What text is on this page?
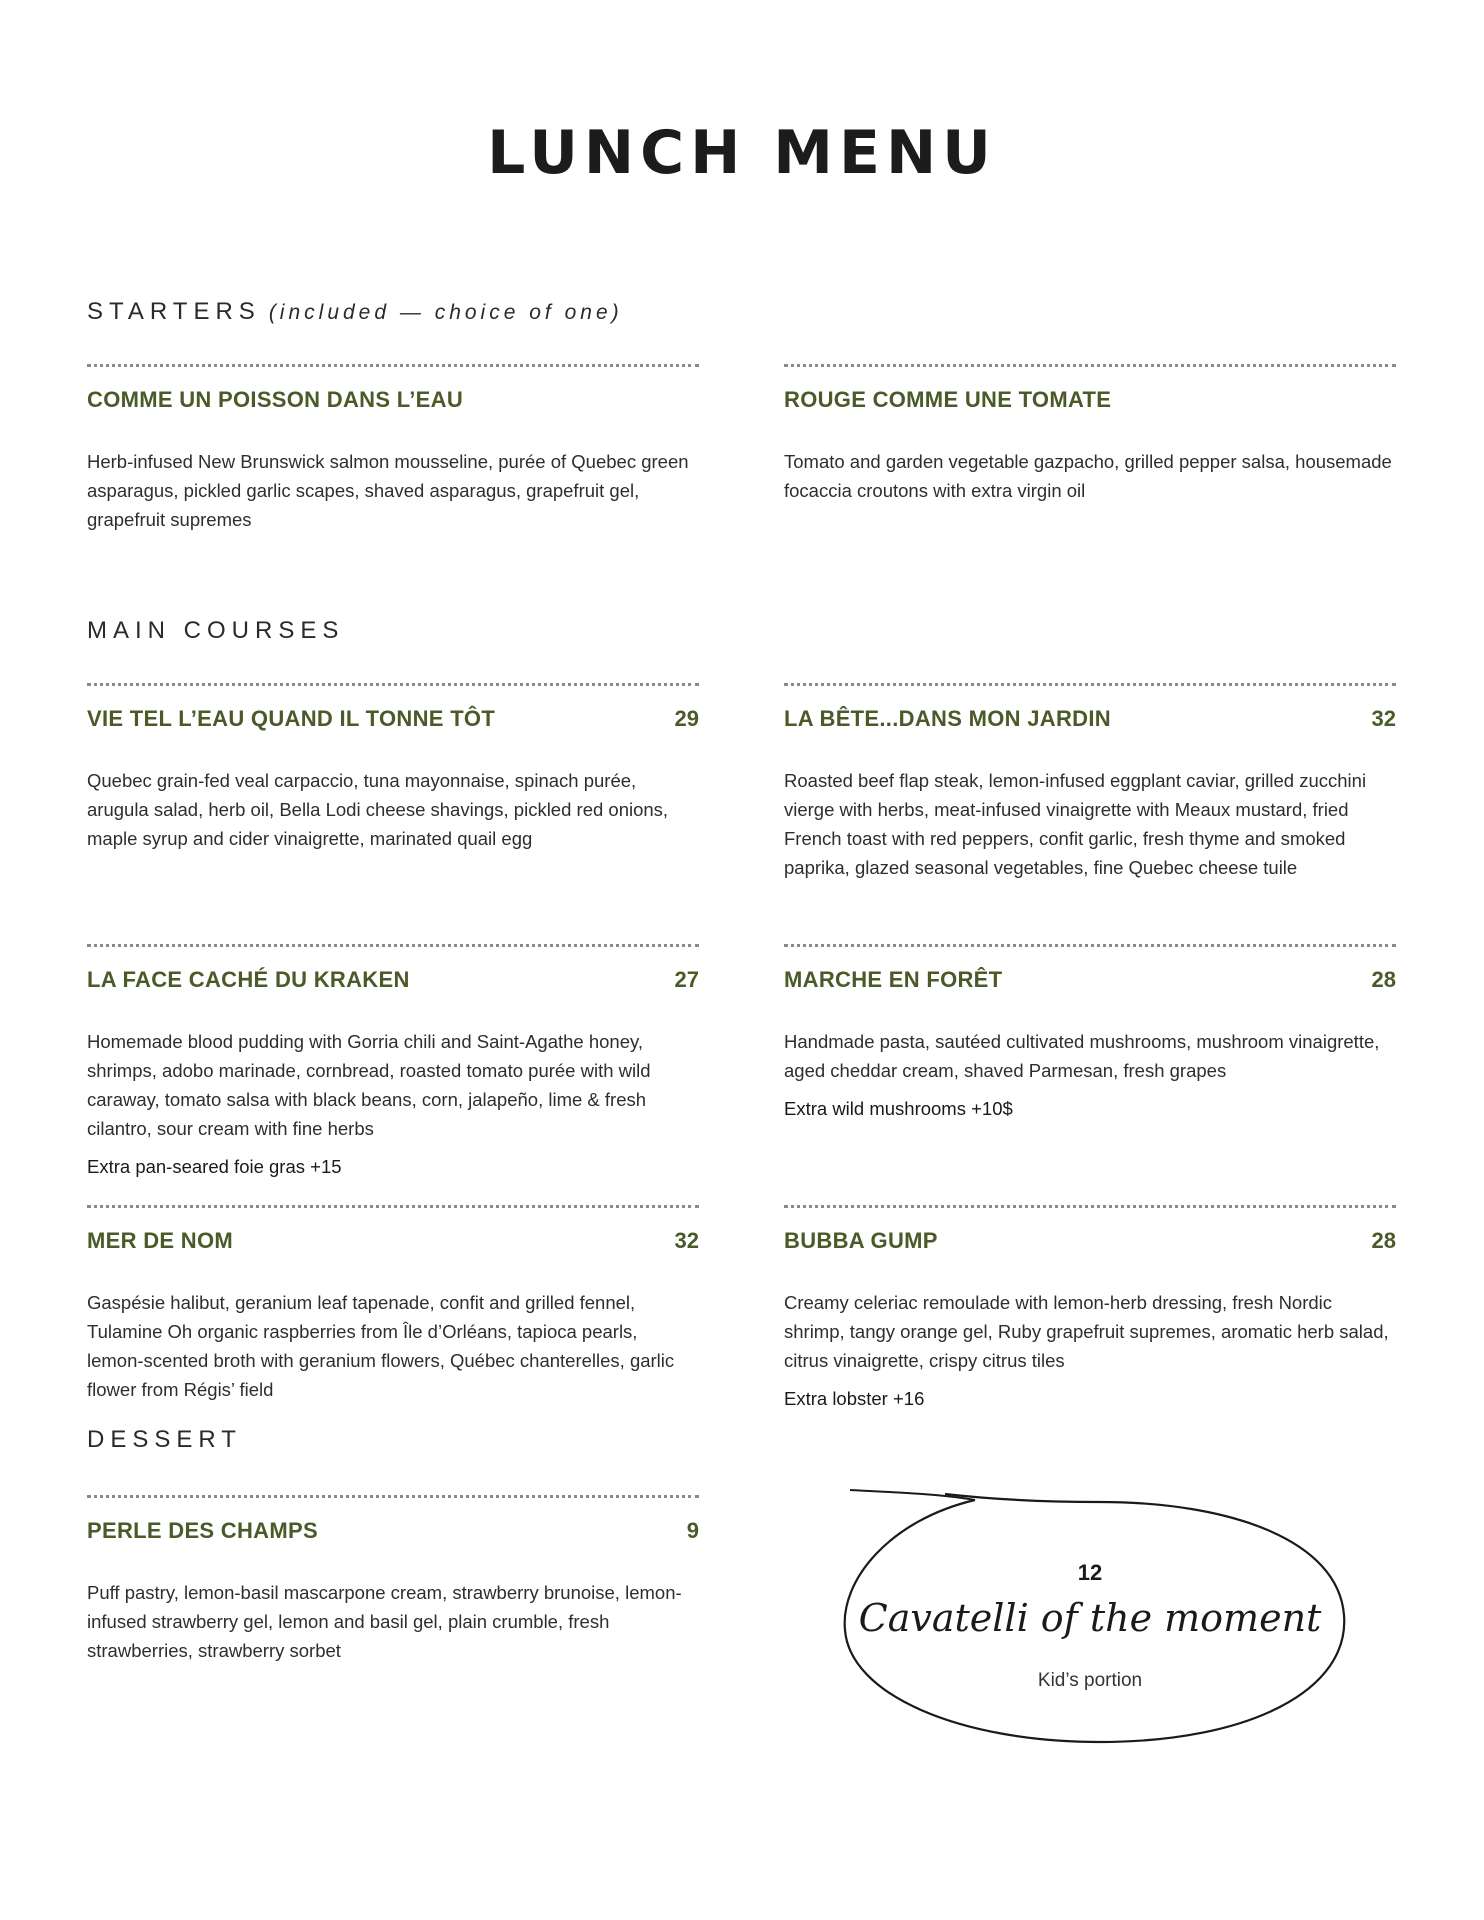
LUNCH MENU
STARTERS (included — choice of one)
COMME UN POISSON DANS L’EAU
Herb-infused New Brunswick salmon mousseline, purée of Quebec green asparagus, pickled garlic scapes, shaved asparagus, grapefruit gel, grapefruit supremes
ROUGE COMME UNE TOMATE
Tomato and garden vegetable gazpacho, grilled pepper salsa, housemade focaccia croutons with extra virgin oil
MAIN COURSES
VIE TEL L’EAU QUAND IL TONNE TÔT	29
Quebec grain-fed veal carpaccio, tuna mayonnaise, spinach purée, arugula salad, herb oil, Bella Lodi cheese shavings, pickled red onions, maple syrup and cider vinaigrette, marinated quail egg
LA BÊTE...DANS MON JARDIN	32
Roasted beef flap steak, lemon-infused eggplant caviar, grilled zucchini vierge with herbs, meat-infused vinaigrette with Meaux mustard, fried French toast with red peppers, confit garlic, fresh thyme and smoked paprika, glazed seasonal vegetables, fine Quebec cheese tuile
LA FACE CACHÉ DU KRAKEN	27
Homemade blood pudding with Gorria chili and Saint-Agathe honey, shrimps, adobo marinade, cornbread, roasted tomato purée with wild caraway, tomato salsa with black beans, corn, jalapeño, lime & fresh cilantro, sour cream with fine herbs
Extra pan-seared foie gras +15
MARCHE EN FORÊT	28
Handmade pasta, sautéed cultivated mushrooms, mushroom vinaigrette, aged cheddar cream, shaved Parmesan, fresh grapes
Extra wild mushrooms +10$
MER DE NOM	32
Gaspésie halibut, geranium leaf tapenade, confit and grilled fennel, Tulamine Oh organic raspberries from Île d’Orléans, tapioca pearls, lemon-scented broth with geranium flowers, Québec chanterelles, garlic flower from Régis’ field
BUBBA GUMP	28
Creamy celeriac remoulade with lemon-herb dressing, fresh Nordic shrimp, tangy orange gel, Ruby grapefruit supremes, aromatic herb salad, citrus vinaigrette, crispy citrus tiles
Extra lobster +16
DESSERT
PERLE DES CHAMPS	9
Puff pastry, lemon-basil mascarpone cream, strawberry brunoise, lemon-infused strawberry gel, lemon and basil gel, plain crumble, fresh strawberries, strawberry sorbet
12
Cavatelli of the moment
Kid’s portion
